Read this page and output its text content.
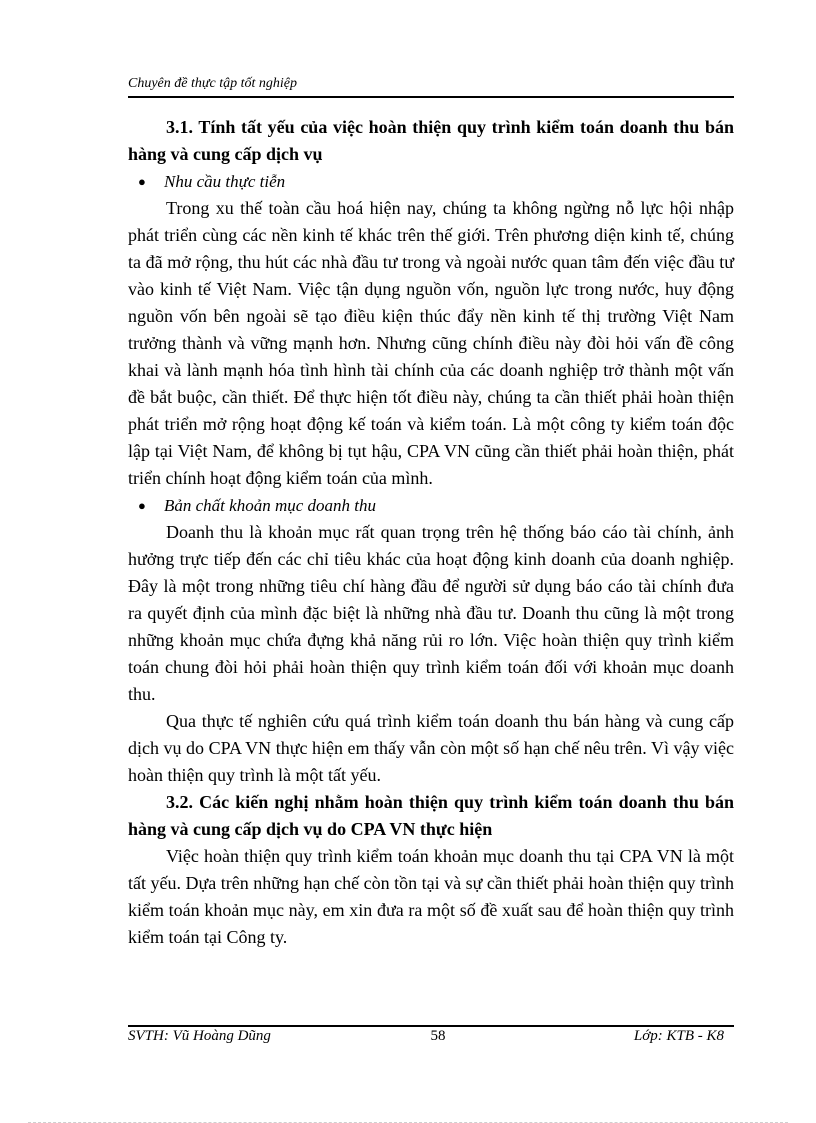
Chuyên đề thực tập tốt nghiệp

3.1. Tính tất yếu của việc hoàn thiện quy trình kiểm toán doanh thu bán hàng và cung cấp dịch vụ

● Nhu cầu thực tiễn

Trong xu thế toàn cầu hoá hiện nay, chúng ta không ngừng nỗ lực hội nhập phát triển cùng các nền kinh tế khác trên thế giới. Trên phương diện kinh tế, chúng ta đã mở rộng, thu hút các nhà đầu tư trong và ngoài nước quan tâm đến việc đầu tư vào kinh tế Việt Nam. Việc tận dụng nguồn vốn, nguồn lực trong nước, huy động nguồn vốn bên ngoài sẽ tạo điều kiện thúc đẩy nền kinh tế thị trường Việt Nam trưởng thành và vững mạnh hơn. Nhưng cũng chính điều này đòi hỏi vấn đề công khai và lành mạnh hóa tình hình tài chính của các doanh nghiệp trở thành một vấn đề bắt buộc, cần thiết. Để thực hiện tốt điều này, chúng ta cần thiết phải hoàn thiện phát triển mở rộng hoạt động kế toán và kiểm toán. Là một công ty kiểm toán độc lập tại Việt Nam, để không bị tụt hậu, CPA VN cũng cần thiết phải hoàn thiện, phát triển chính hoạt động kiểm toán của mình.

● Bản chất khoản mục doanh thu

Doanh thu là khoản mục rất quan trọng trên hệ thống báo cáo tài chính, ảnh hưởng trực tiếp đến các chỉ tiêu khác của hoạt động kinh doanh của doanh nghiệp. Đây là một trong những tiêu chí hàng đầu để người sử dụng báo cáo tài chính đưa ra quyết định của mình đặc biệt là những nhà đầu tư. Doanh thu cũng là một trong những khoản mục chứa đựng khả năng rủi ro lớn. Việc hoàn thiện quy trình kiểm toán chung đòi hỏi phải hoàn thiện quy trình kiểm toán đối với khoản mục doanh thu.

Qua thực tế nghiên cứu quá trình kiểm toán doanh thu bán hàng và cung cấp dịch vụ do CPA VN thực hiện em thấy vẫn còn một số hạn chế nêu trên. Vì vậy việc hoàn thiện quy trình là một tất yếu.

3.2. Các kiến nghị nhằm hoàn thiện quy trình kiểm toán doanh thu bán hàng và cung cấp dịch vụ do CPA VN thực hiện

Việc hoàn thiện quy trình kiểm toán khoản mục doanh thu tại CPA VN là một tất yếu. Dựa trên những hạn chế còn tồn tại và sự cần thiết phải hoàn thiện quy trình kiểm toán khoản mục này, em xin đưa ra một số đề xuất sau để hoàn thiện quy trình kiểm toán tại Công ty.

SVTH: Vũ Hoàng Dũng	58	Lớp: KTB - K8
